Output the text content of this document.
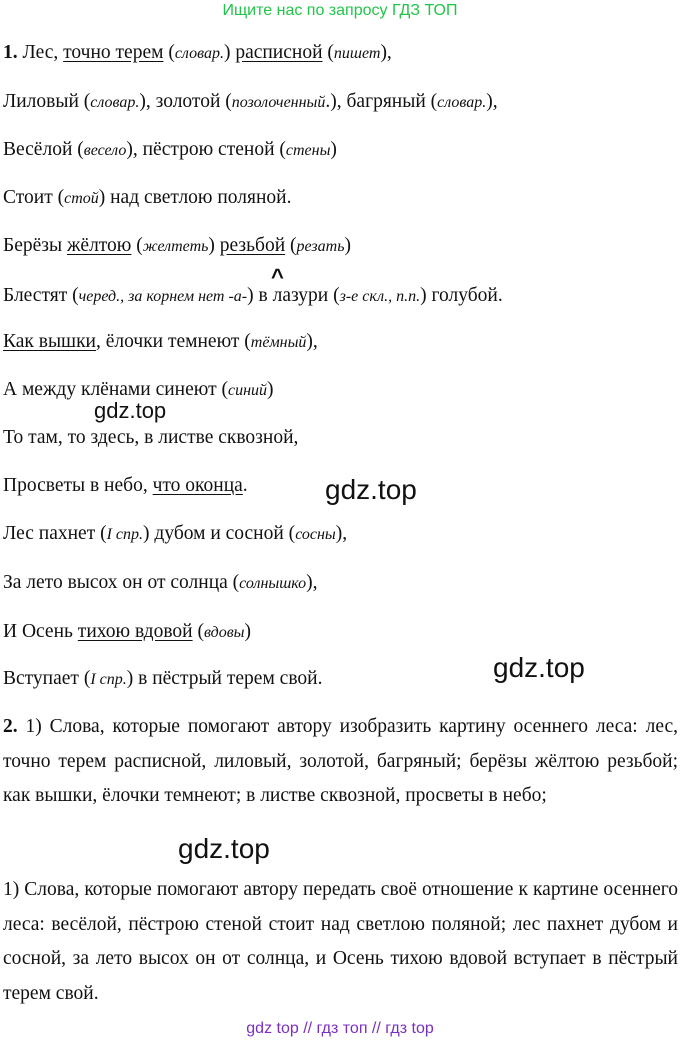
Ищите нас по запросу ГДЗ ТОП
1. Лес, точно терем (словар.) расписной (пишет),
Лиловый (словар.), золотой (позолоченный.), багряный (словар.),
Весёлой (весело), пёстрою стеной (стены)
Стоит (стой) над светлою поляной.
Берёзы жёлтою (желтеть) резьбой (резать)
^
Блестят (черед., за корнем нет -а-) в лазури (з-е скл., п.п.) голубой.
Как вышки, ёлочки темнеют (тёмный),
А между клёнами синеют (синий)
То там, то здесь, в листве сквозной,
Просветы в небо, что оконца.
Лес пахнет (I спр.) дубом и сосной (сосны),
За лето высох он от солнца (солнышко),
И Осень тихою вдовой (вдовы)
Вступает (I спр.) в пёстрый терем свой.

2. 1) Слова, которые помогают автору изобразить картину осеннего леса: лес, точно терем расписной, лиловый, золотой, багряный; берёзы жёлтою резьбой; как вышки, ёлочки темнеют; в листве сквозной, просветы в небо;

1) Слова, которые помогают автору передать своё отношение к картине осеннего леса: весёлой, пёстрою стеной стоит над светлою поляной; лес пахнет дубом и сосной, за лето высох он от солнца, и Осень тихою вдовой вступает в пёстрый терем свой.

gdz.top
gdz.top
gdz.top
gdz.top
gdz top // гдз топ // гдз top
